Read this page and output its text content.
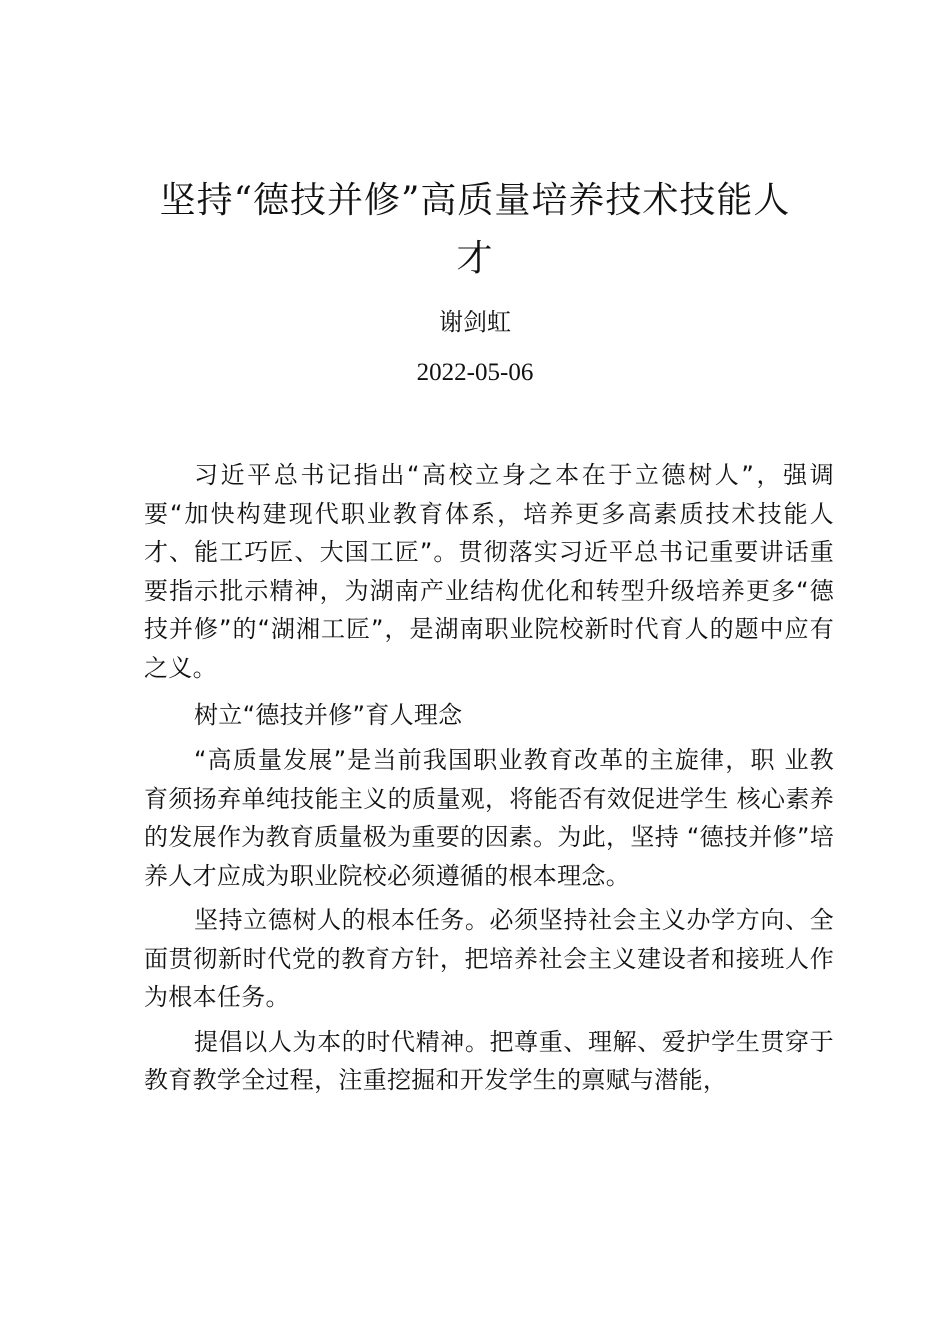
坚持“德技并修”高质量培养技术技能人才
谢剑虹
2022-05-06

习近平总书记指出“高校立身之本在于立德树人”，强调要“加快构建现代职业教育体系，培养更多高素质技术技能人才、能工巧匠、大国工匠”。贯彻落实习近平总书记重要讲话重要指示批示精神，为湖南产业结构优化和转型升级培养更多“德技并修”的“湖湘工匠”，是湖南职业院校新时代育人的题中应有之义。

树立“德技并修”育人理念

“高质量发展”是当前我国职业教育改革的主旋律，职 业教育须扬弃单纯技能主义的质量观，将能否有效促进学生 核心素养的发展作为教育质量极为重要的因素。为此，坚持 “德技并修”培养人才应成为职业院校必须遵循的根本理念。

坚持立德树人的根本任务。必须坚持社会主义办学方向、全面贯彻新时代党的教育方针，把培养社会主义建设者和接班人作为根本任务。

提倡以人为本的时代精神。把尊重、理解、爱护学生贯穿于教育教学全过程，注重挖掘和开发学生的禀赋与潜能，
